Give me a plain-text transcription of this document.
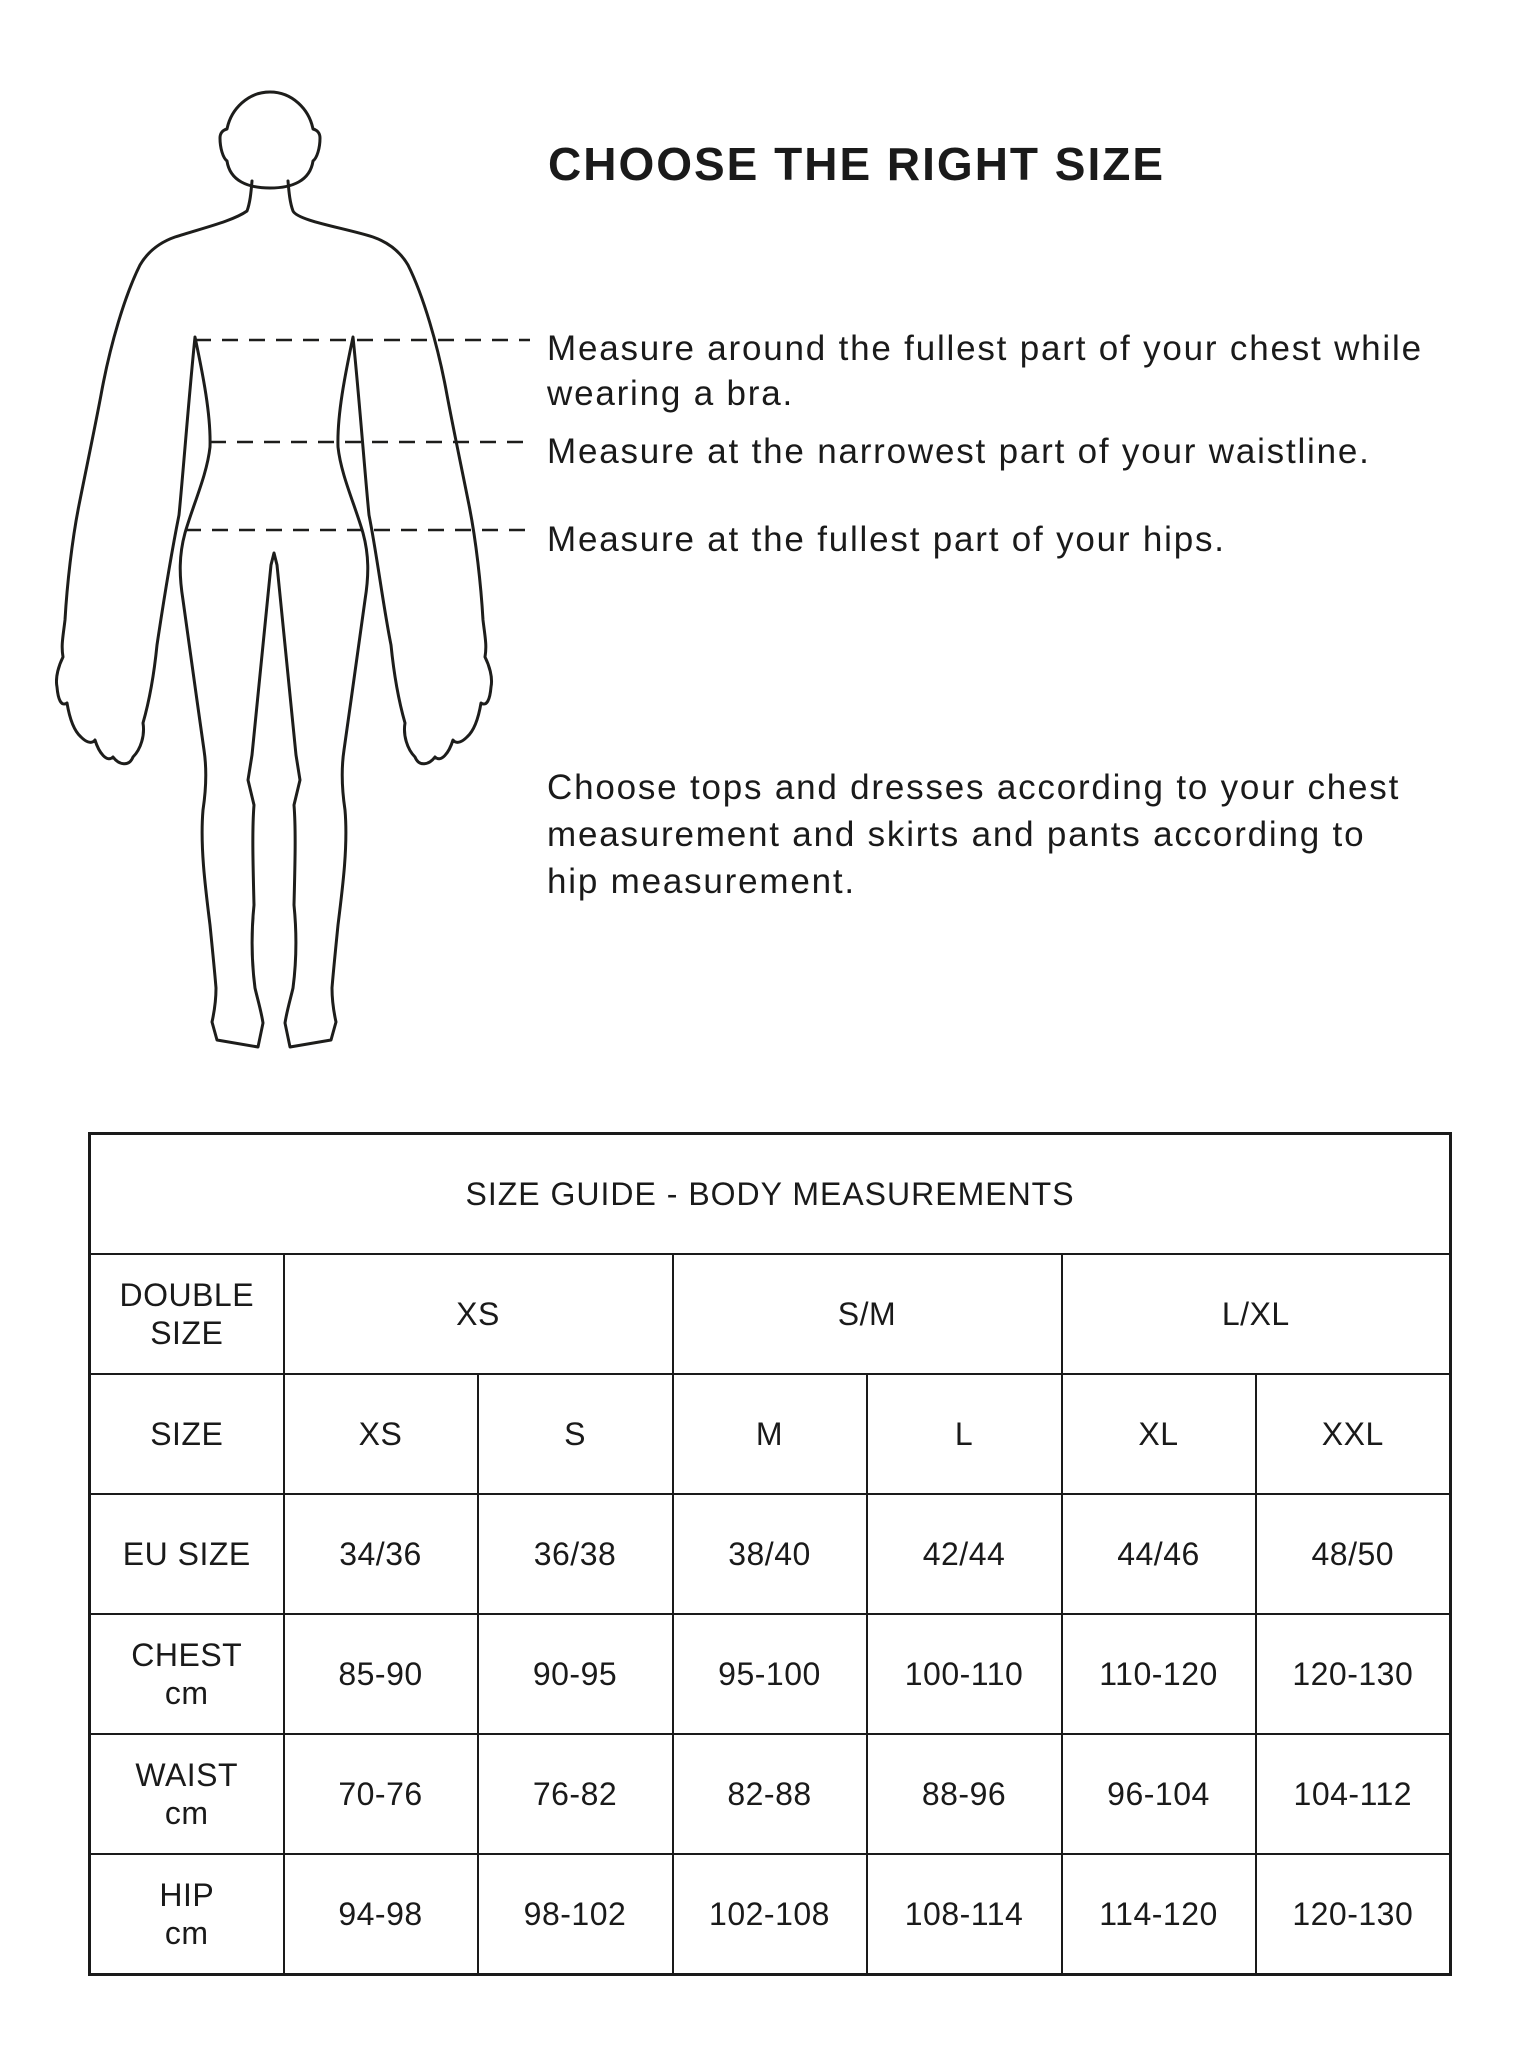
CHOOSE THE RIGHT SIZE
Measure around the fullest part of your chest while
wearing a bra.
Measure at the narrowest part of your waistline.
Measure at the fullest part of your hips.
Choose tops and dresses according to your chest
measurement and skirts and pants according to
hip measurement.
SIZE GUIDE - BODY MEASUREMENTS						

DOUBLE
SIZE	XS		S/M		L/XL	
SIZE	XS	S	M	L	XL	XXL
EU SIZE	34/36	36/38	38/40	42/44	44/46	48/50

CHEST
cm	85-90	90-95	95-100	100-110	110-120	120-130

WAIST
cm	70-76	76-82	82-88	88-96	96-104	104-112

HIP
cm	94-98	98-102	102-108	108-114	114-120	120-130
